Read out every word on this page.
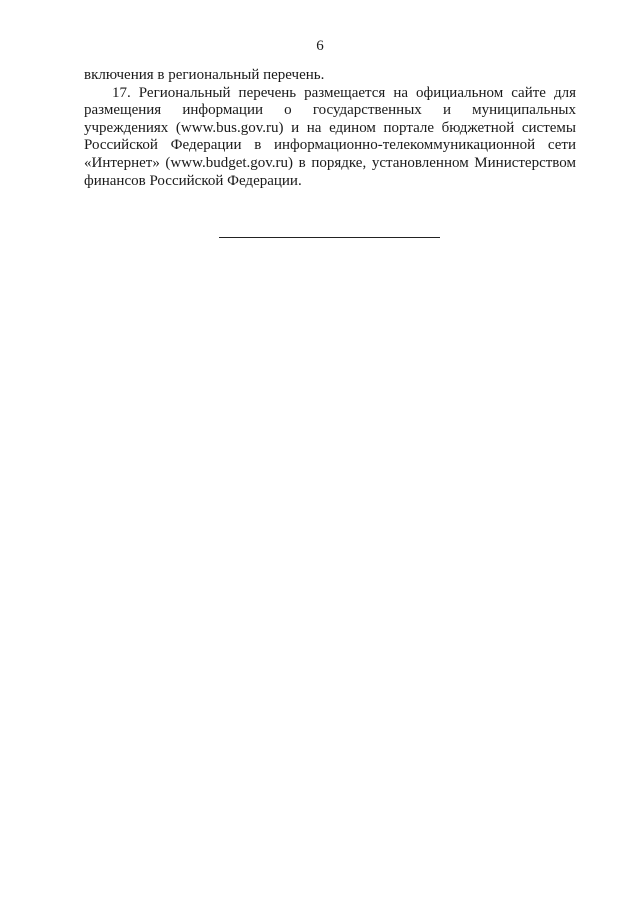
6
включения в региональный перечень.
17. Региональный перечень размещается на официальном сайте для
размещения информации о государственных и муниципальных
учреждениях (www.bus.gov.ru) и на едином портале бюджетной системы
Российской Федерации в информационно-телекоммуникационной сети
«Интернет» (www.budget.gov.ru) в порядке, установленном Министерством
финансов Российской Федерации.
